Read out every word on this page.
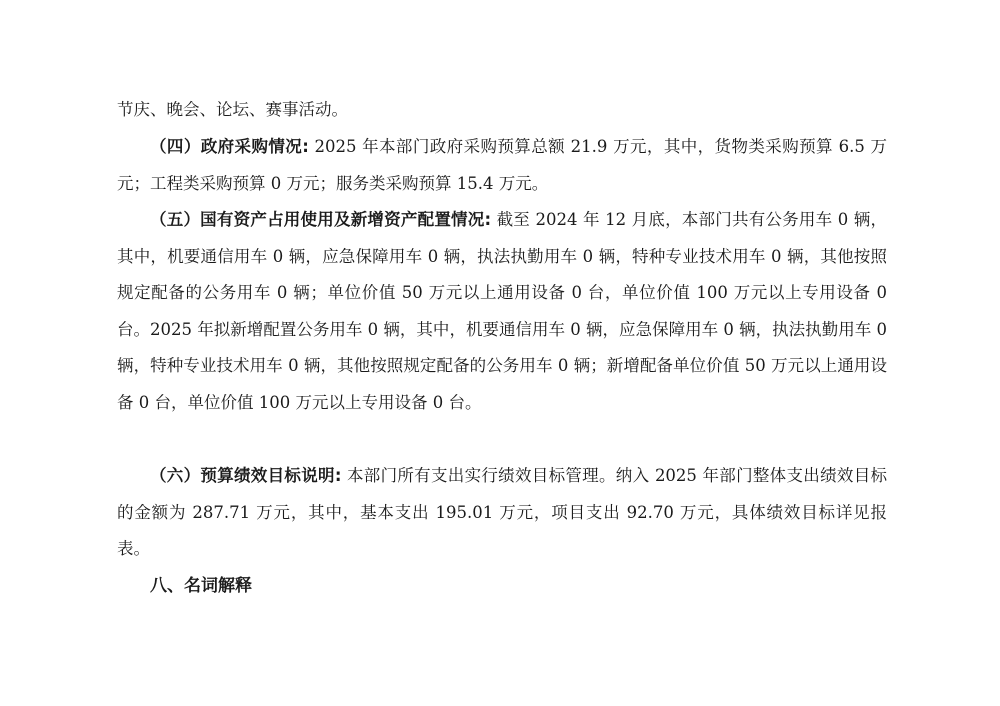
节庆、晚会、论坛、赛事活动。

（四）政府采购情况: 2025 年本部门政府采购预算总额 21.9 万元，其中，货物类采购预算 6.5 万元；工程类采购预算 0 万元；服务类采购预算 15.4 万元。

（五）国有资产占用使用及新增资产配置情况: 截至 2024 年 12 月底，本部门共有公务用车 0 辆，其中，机要通信用车 0 辆，应急保障用车 0 辆，执法执勤用车 0 辆，特种专业技术用车 0 辆，其他按照规定配备的公务用车 0 辆；单位价值 50 万元以上通用设备 0 台，单位价值 100 万元以上专用设备 0 台。2025 年拟新增配置公务用车 0 辆，其中，机要通信用车 0 辆，应急保障用车 0 辆，执法执勤用车 0 辆，特种专业技术用车 0 辆，其他按照规定配备的公务用车 0 辆；新增配备单位价值 50 万元以上通用设备 0 台，单位价值 100 万元以上专用设备 0 台。

（六）预算绩效目标说明: 本部门所有支出实行绩效目标管理。纳入 2025 年部门整体支出绩效目标的金额为 287.71 万元，其中，基本支出 195.01 万元，项目支出 92.70 万元，具体绩效目标详见报表。

八、名词解释
